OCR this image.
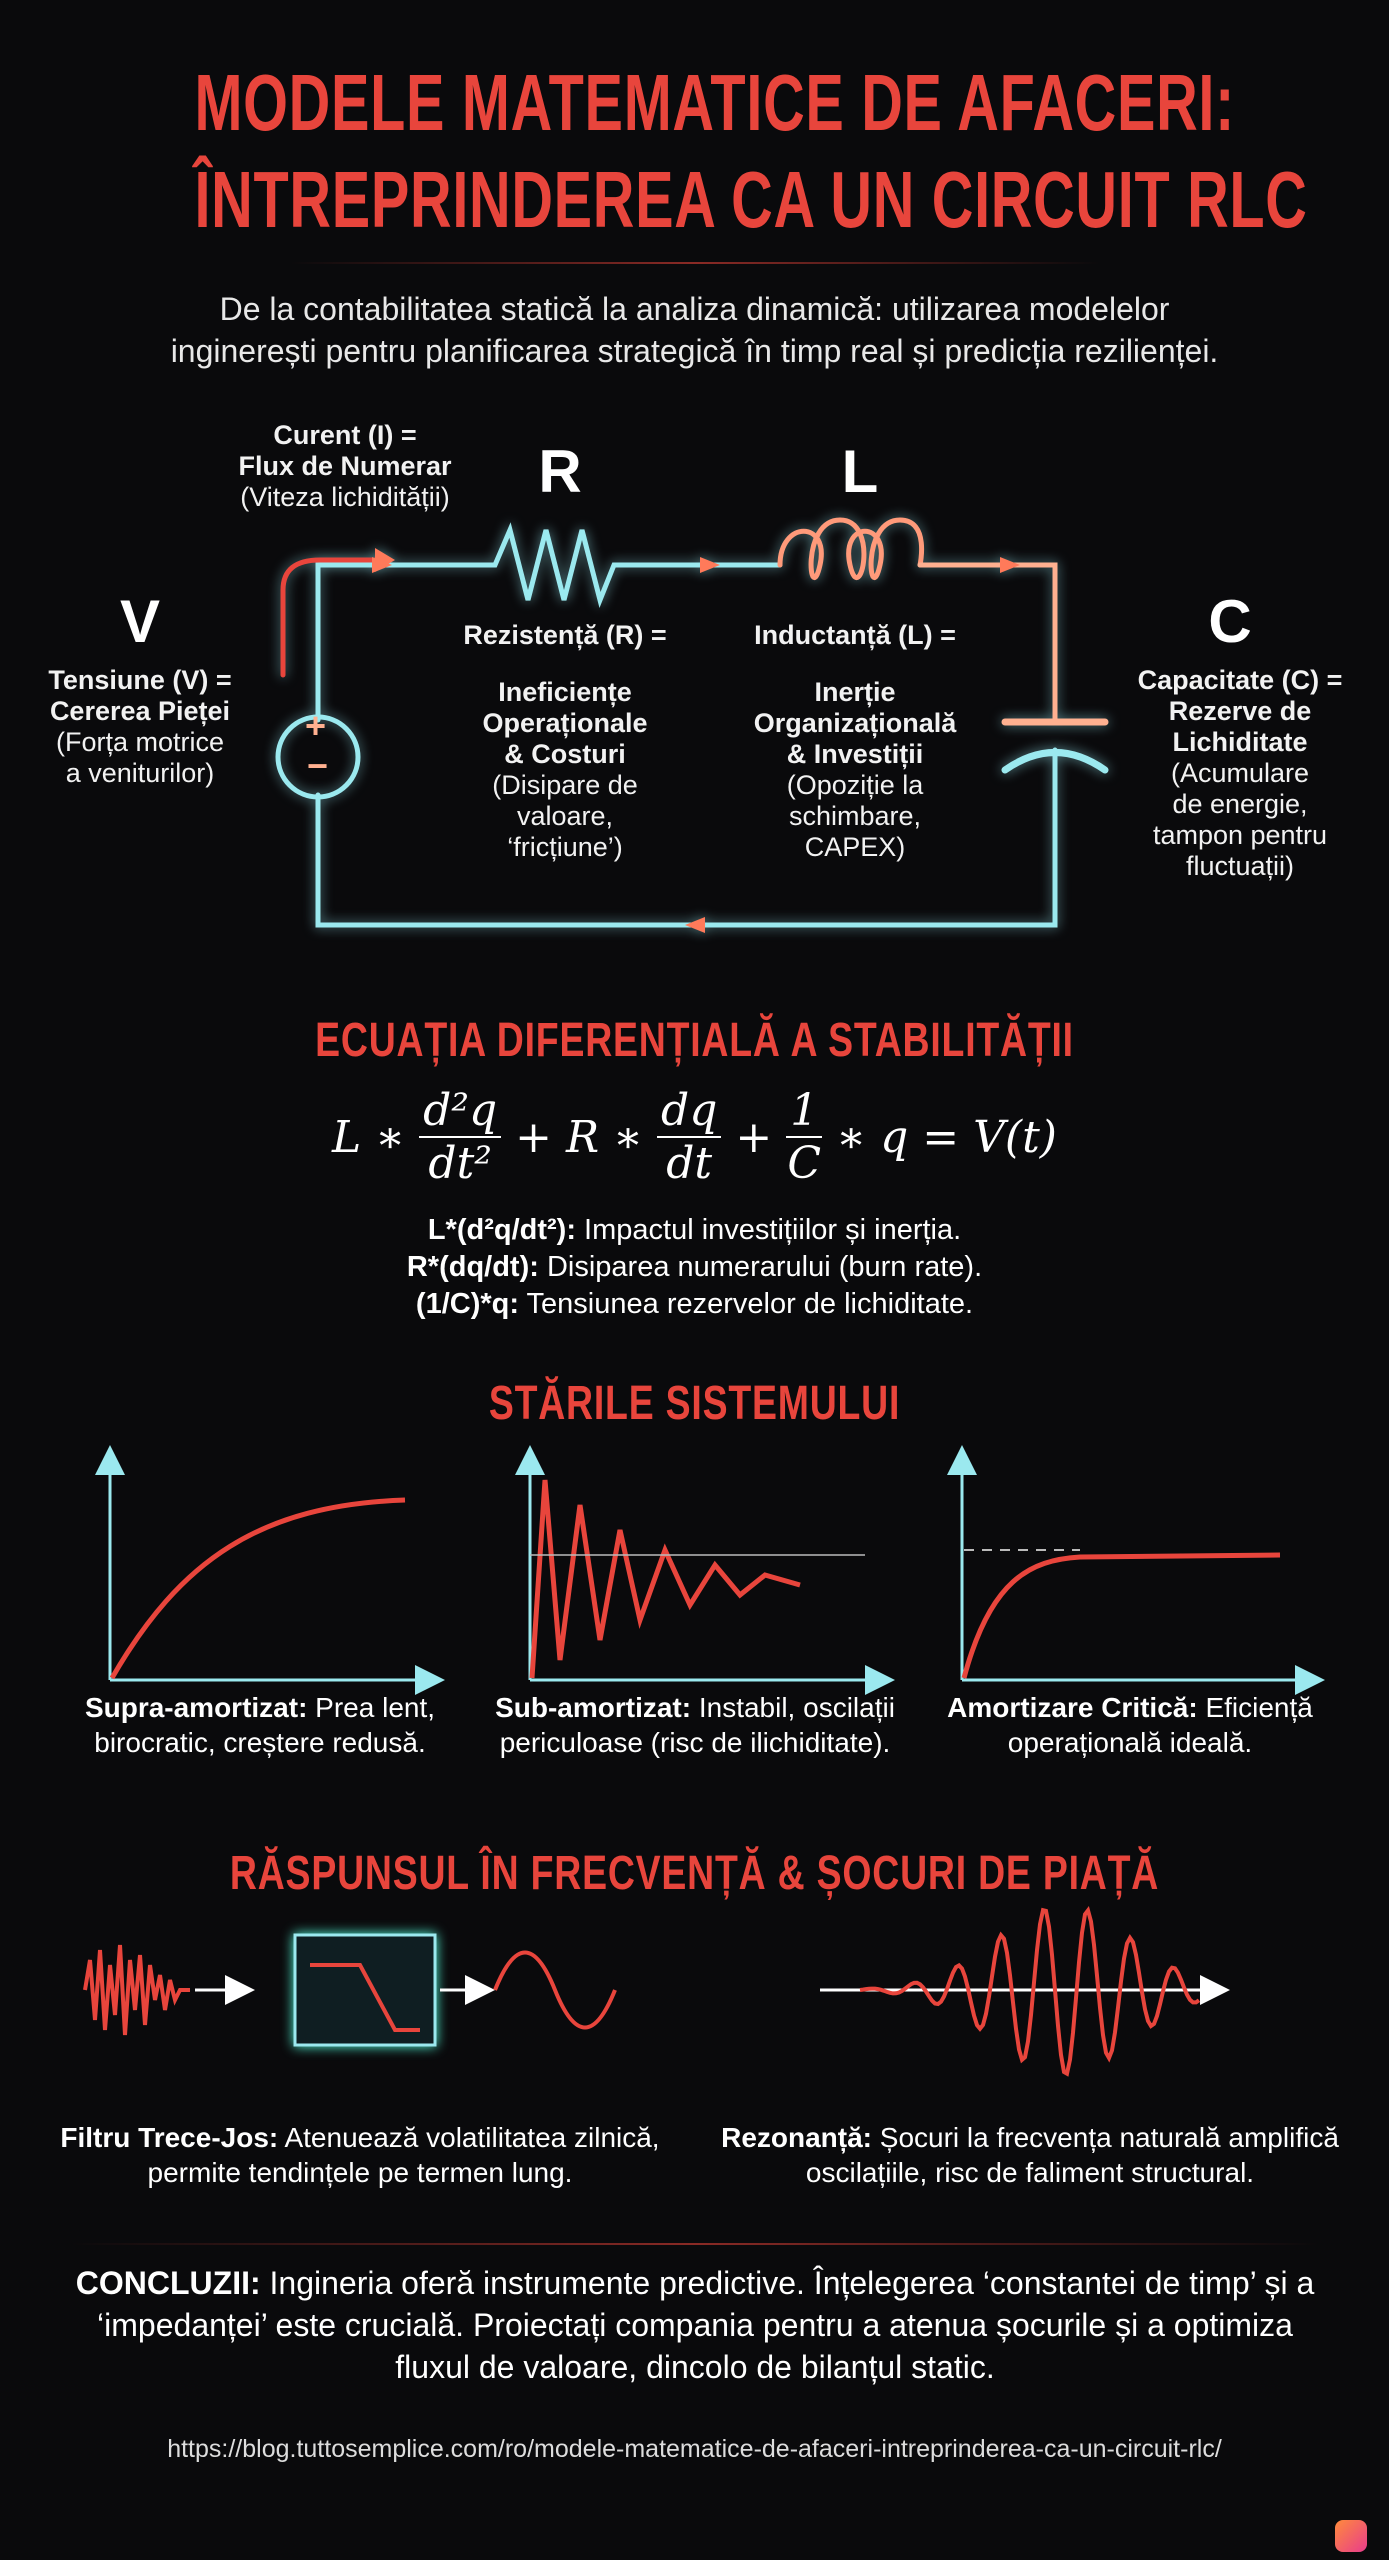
MODELE MATEMATICE DE AFACERI:
ÎNTREPRINDEREA CA UN CIRCUIT RLC
De la contabilitatea statică la analiza dinamică: utilizarea modelelor
inginerești pentru planificarea strategică în timp real și predicția rezilienței.
+
−
Curent (I) =
Flux de Numerar
(Viteza lichidității)	R	L
V	C
Tensiune (V) =
Cererea Pieței
(Forța motrice
a veniturilor)
Rezistență (R) =
Ineficiențe
Operaționale
& Costuri
(Disipare de
valoare,
‘fricțiune’)
Inductanță (L) =
Inerție
Organizațională
& Investiții
(Opoziție la
schimbare,
CAPEX)
Capacitate (C) =
Rezerve de
Lichiditate
(Acumulare
de energie,
tampon pentru
fluctuații)
ECUAȚIA DIFERENȚIALĂ A STABILITĂȚII
L ∗ $\frac{\text{d²q}}{\text{dt²}} + R$ ∗ $\frac{dq}{dt} + \frac{1}{C}$ ∗ q = V(t)
L*(d²q/dt²): Impactul investițiilor și inerția.
R*(dq/dt): Disiparea numerarului (burn rate).
(1/C)*q: Tensiunea rezervelor de lichiditate.
STĂRILE SISTEMULUI
Supra-amortizat: Prea lent, birocratic, creștere redusă.
Sub-amortizat: Instabil, oscilații periculoase (risc de ilichiditate).
Amortizare Critică: Eficiență operațională ideală.
RĂSPUNSUL ÎN FRECVENȚĂ & ȘOCURI DE PIAȚĂ
Filtru Trece-Jos: Atenuează volatilitatea zilnică, permite tendințele pe termen lung.
Rezonanță: Șocuri la frecvența naturală amplifică oscilațiile, risc de faliment structural.
CONCLUZII: Ingineria oferă instrumente predictive. Înțelegerea ‘constantei de timp’ și a ‘impedanței’ este crucială. Proiectați compania pentru a atenua șocurile și a optimiza fluxul de valoare, dincolo de bilanțul static.
https://blog.tuttosemplice.com/ro/modele-matematice-de-afaceri-intreprinderea-ca-un-circuit-rlc/
